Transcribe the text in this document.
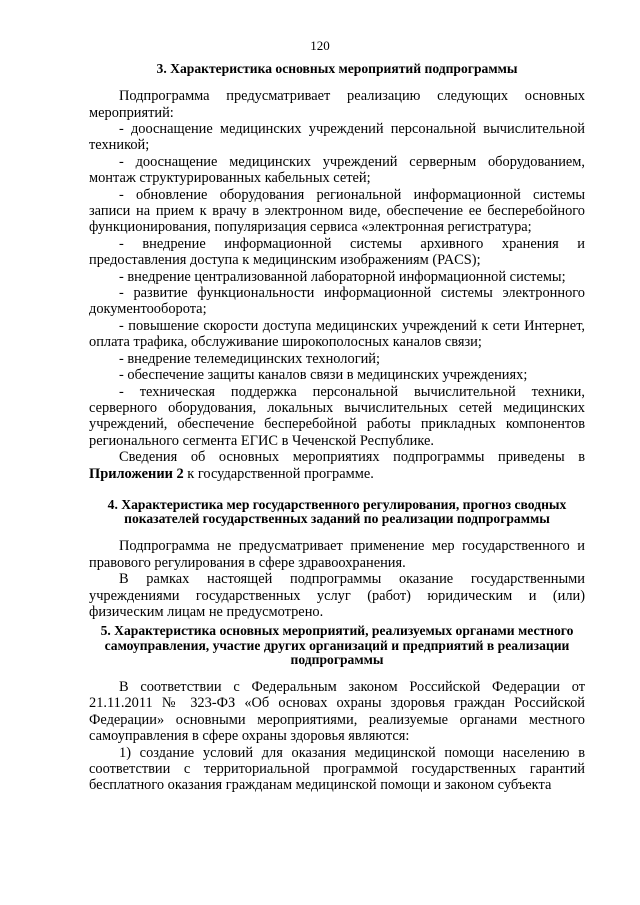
120
3. Характеристика основных мероприятий подпрограммы

Подпрограмма предусматривает реализацию следующих основных мероприятий:

- дооснащение медицинских учреждений персональной вычислительной техникой;

- дооснащение медицинских учреждений серверным оборудованием, монтаж структурированных кабельных сетей;

- обновление оборудования региональной информационной системы записи на прием к врачу в электронном виде, обеспечение ее бесперебойного функционирования, популяризация сервиса «электронная регистратура;

- внедрение информационной системы архивного хранения и предоставления доступа к медицинским изображениям (PACS);

- внедрение централизованной лабораторной информационной системы;

- развитие функциональности информационной системы электронного документооборота;

- повышение скорости доступа медицинских учреждений к сети Интернет, оплата трафика, обслуживание широкополосных каналов связи;

- внедрение телемедицинских технологий;

- обеспечение защиты каналов связи в медицинских учреждениях;

- техническая поддержка персональной вычислительной техники, серверного оборудования, локальных вычислительных сетей медицинских учреждений, обеспечение бесперебойной работы прикладных компонентов регионального сегмента ЕГИС в Чеченской Республике.

Сведения об основных мероприятиях подпрограммы приведены в Приложении 2 к государственной программе.

4. Характеристика мер государственного регулирования, прогноз сводных показателей государственных заданий по реализации подпрограммы

Подпрограмма не предусматривает применение мер государственного и правового регулирования в сфере здравоохранения.

В рамках настоящей подпрограммы оказание государственными учреждениями государственных услуг (работ) юридическим и (или) физическим лицам не предусмотрено.

5. Характеристика основных мероприятий, реализуемых органами местного самоуправления, участие других организаций и предприятий в реализации подпрограммы

В соответствии с Федеральным законом Российской Федерации от 21.11.2011 № 323-ФЗ «Об основах охраны здоровья граждан Российской Федерации» основными мероприятиями, реализуемые органами местного самоуправления в сфере охраны здоровья являются:

1) создание условий для оказания медицинской помощи населению в соответствии с территориальной программой государственных гарантий бесплатного оказания гражданам медицинской помощи и законом субъекта
